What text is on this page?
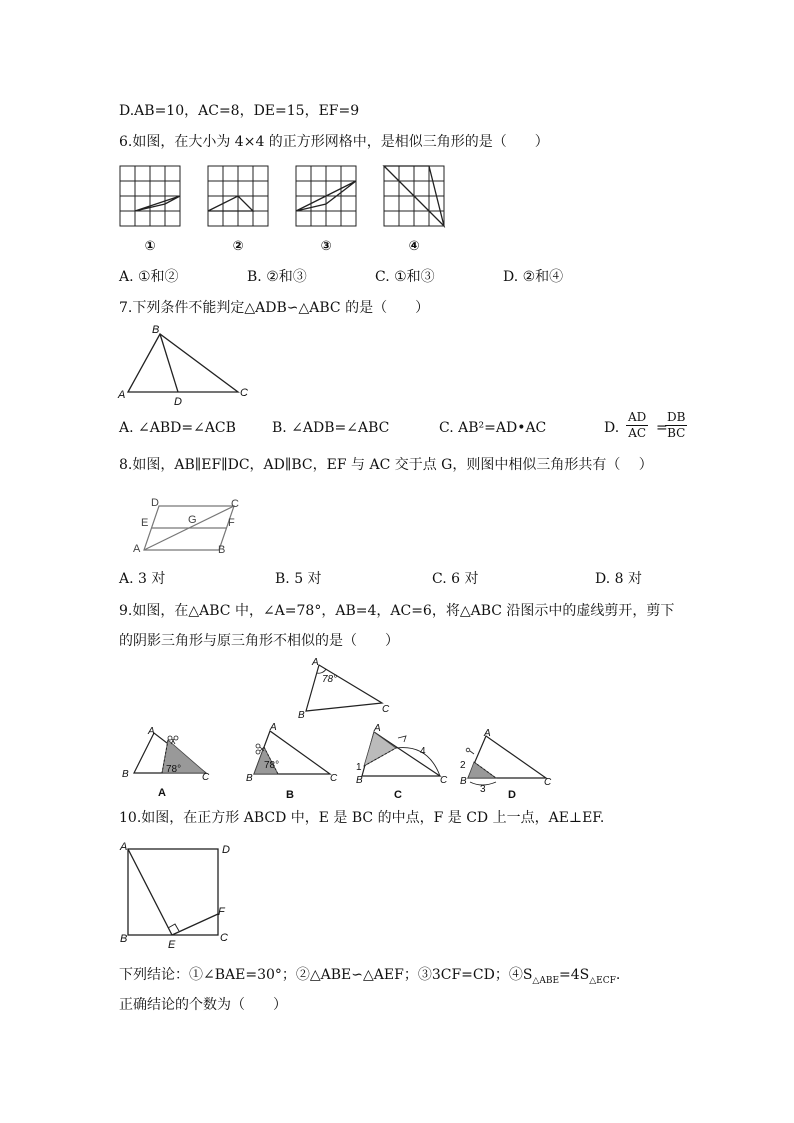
D.AB=10，AC=8，DE=15，EF=9
6.如图，在大小为 4×4 的正方形网格中，是相似三角形的是（　　）
①	②	③	④
A. ①和②	B. ②和③	C. ①和③	D. ②和④
7.下列条件不能判定△ADB∽△ABC 的是（　　）
A
B
C
D
A. ∠ABD=∠ACB	B. ∠ADB=∠ABC	C. AB²=AD•AC	D. $\frac{AD}{AC}$ =
$\frac{DB}{BC}$
8.如图，AB∥EF∥DC，AD∥BC，EF 与 AC 交于点 G，则图中相似三角形共有（　 ）
A	B
C
D
E	F
G
A. 3 对	B. 5 对	C. 6 对	D. 8 对
9.如图，在△ABC 中，∠A=78°，AB=4，AC=6，将△ABC 沿图示中的虚线剪开，剪下
的阴影三角形与原三角形不相似的是（　　）
A
B
C
78°
A
B	C
78°
A
A
B	C
78°
B
A
B	C
1
4
C
A
B	C
2
3 D
10.如图，在正方形 ABCD 中，E 是 BC 的中点，F 是 CD 上一点，AE⊥EF.
A
B	C
D
E
F
下列结论：①∠BAE=30°；②△ABE∽△AEF；③3CF=CD；$④S_{\triangle ABE}=4S_{\triangle ECF}$.
正确结论的个数为（　　）
